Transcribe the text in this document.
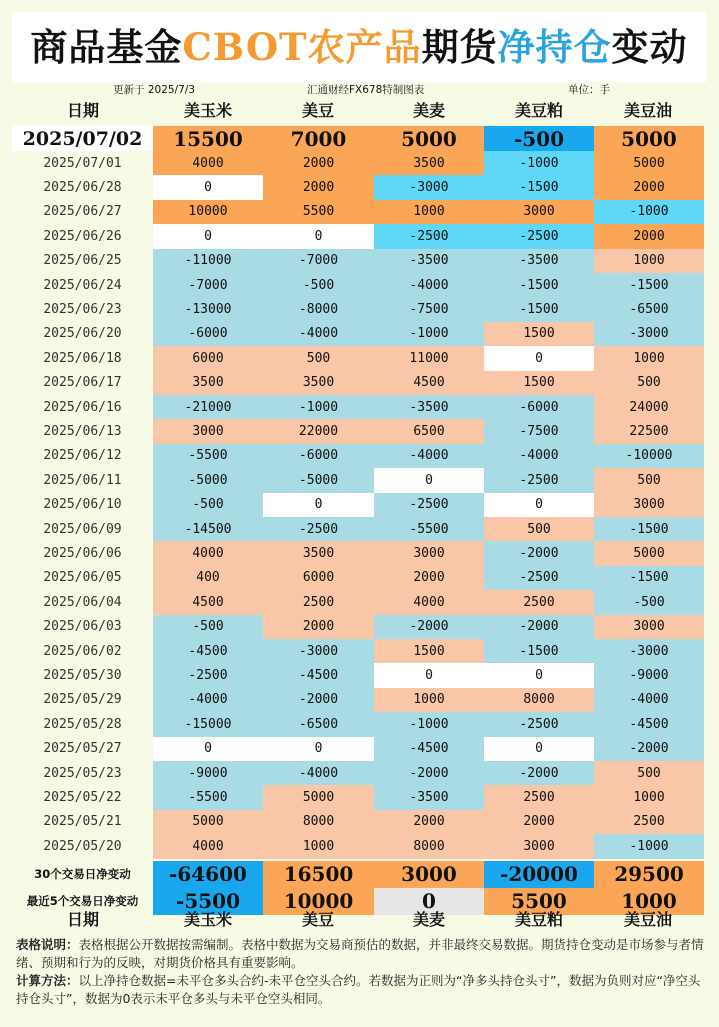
商品基金CBOT农产品期货净持仓变动
更新于 2025/7/3	汇通财经FX678特制图表	单位：手
日期	美玉米	美豆	美麦	美豆粕	美豆油
2025/07/02	15500	7000	5000	-500	5000
2025/07/01	4000	2000	3500	-1000	5000
2025/06/28	0	2000	-3000	-1500	2000
2025/06/27	10000	5500	1000	3000	-1000
2025/06/26	0	0	-2500	-2500	2000
2025/06/25	-11000	-7000	-3500	-3500	1000
2025/06/24	-7000	-500	-4000	-1500	-1500
2025/06/23	-13000	-8000	-7500	-1500	-6500
2025/06/20	-6000	-4000	-1000	1500	-3000
2025/06/18	6000	500	11000	0	1000
2025/06/17	3500	3500	4500	1500	500
2025/06/16	-21000	-1000	-3500	-6000	24000
2025/06/13	3000	22000	6500	-7500	22500
2025/06/12	-5500	-6000	-4000	-4000	-10000
2025/06/11	-5000	-5000	0	-2500	500
2025/06/10	-500	0	-2500	0	3000
2025/06/09	-14500	-2500	-5500	500	-1500
2025/06/06	4000	3500	3000	-2000	5000
2025/06/05	400	6000	2000	-2500	-1500
2025/06/04	4500	2500	4000	2500	-500
2025/06/03	-500	2000	-2000	-2000	3000
2025/06/02	-4500	-3000	1500	-1500	-3000
2025/05/30	-2500	-4500	0	0	-9000
2025/05/29	-4000	-2000	1000	8000	-4000
2025/05/28	-15000	-6500	-1000	-2500	-4500
2025/05/27	0	0	-4500	0	-2000
2025/05/23	-9000	-4000	-2000	-2000	500
2025/05/22	-5500	5000	-3500	2500	1000
2025/05/21	5000	8000	2000	2000	2500
2025/05/20	4000	1000	8000	3000	-1000
30个交易日净变动	-64600	16500	3000	-20000	29500
最近5个交易日净变动	-5500	10000	0	5500	1000
日期	美玉米	美豆	美麦	美豆粕	美豆油

表格说明：表格根据公开数据按需编制。表格中数据为交易商预估的数据，并非最终交易数据。期货持仓变动是市场参与者情绪、预期和行为的反映，对期货价格具有重要影响。

计算方法：以上净持仓数据=未平仓多头合约-未平仓空头合约。若数据为正则为“净多头持仓头寸”，数据为负则对应“净空头持仓头寸”，数据为0表示未平仓多头与未平仓空头相同。
